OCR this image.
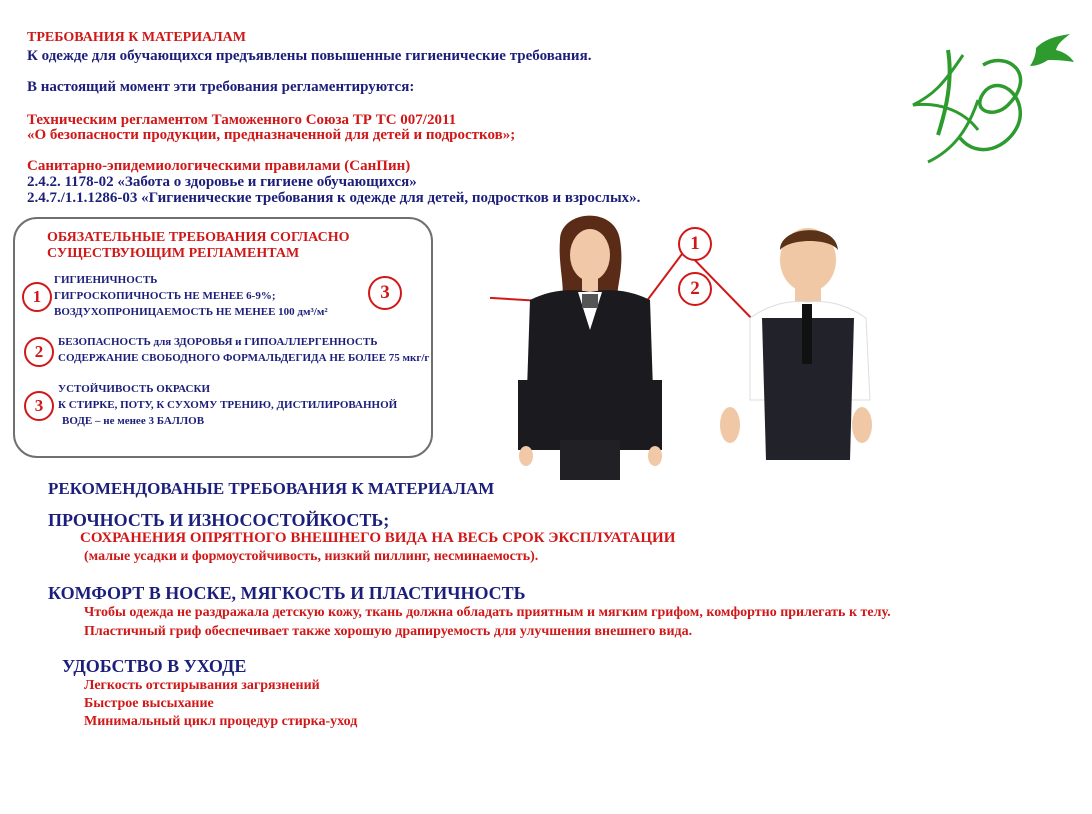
ТРЕБОВАНИЯ К МАТЕРИАЛАМ
К одежде для обучающихся предъявлены повышенные гигиенические требования.
В настоящий момент эти требования регламентируются:
Техническим регламентом Таможенного Союза ТР ТС 007/2011
«О безопасности продукции, предназначенной для детей и подростков»;
Санитарно-эпидемиологическими правилами (СанПин)
2.4.2. 1178-02 «Забота о здоровье и гигиене обучающихся»
2.4.7./1.1.1286-03 «Гигиенические требования к одежде для детей, подростков и взрослых».
ОБЯЗАТЕЛЬНЫЕ ТРЕБОВАНИЯ СОГЛАСНО
СУЩЕСТВУЮЩИМ РЕГЛАМЕНТАМ
1
ГИГИЕНИЧНОСТЬ
ГИГРОСКОПИЧНОСТЬ НЕ МЕНЕЕ 6-9%;
ВОЗДУХОПРОНИЦАЕМОСТЬ НЕ МЕНЕЕ 100 дм³/м²
2	БЕЗОПАСНОСТЬ для ЗДОРОВЬЯ и ГИПОАЛЛЕРГЕННОСТЬ
СОДЕРЖАНИЕ СВОБОДНОГО ФОРМАЛЬДЕГИДА НЕ БОЛЕЕ 75 мкг/г
3
УСТОЙЧИВОСТЬ ОКРАСКИ
К СТИРКЕ, ПОТУ, К СУХОМУ ТРЕНИЮ, ДИСТИЛИРОВАННОЙ
ВОДЕ – не менее 3 БАЛЛОВ
3
1
2
РЕКОМЕНДОВАНЫЕ ТРЕБОВАНИЯ К МАТЕРИАЛАМ
ПРОЧНОСТЬ И ИЗНОСОСТОЙКОСТЬ;
СОХРАНЕНИЯ ОПРЯТНОГО ВНЕШНЕГО ВИДА НА ВЕСЬ СРОК ЭКСПЛУАТАЦИИ
(малые усадки и формоустойчивость, низкий пиллинг, несминаемость).
КОМФОРТ В НОСКЕ, МЯГКОСТЬ И ПЛАСТИЧНОСТЬ
Чтобы одежда не раздражала детскую кожу, ткань должна обладать приятным и мягким грифом, комфортно прилегать к телу.
Пластичный гриф обеспечивает также хорошую драпируемость для улучшения внешнего вида.
УДОБСТВО В УХОДЕ
Легкость отстирывания загрязнений
Быстрое высыхание
Минимальный цикл процедур стирка-уход
